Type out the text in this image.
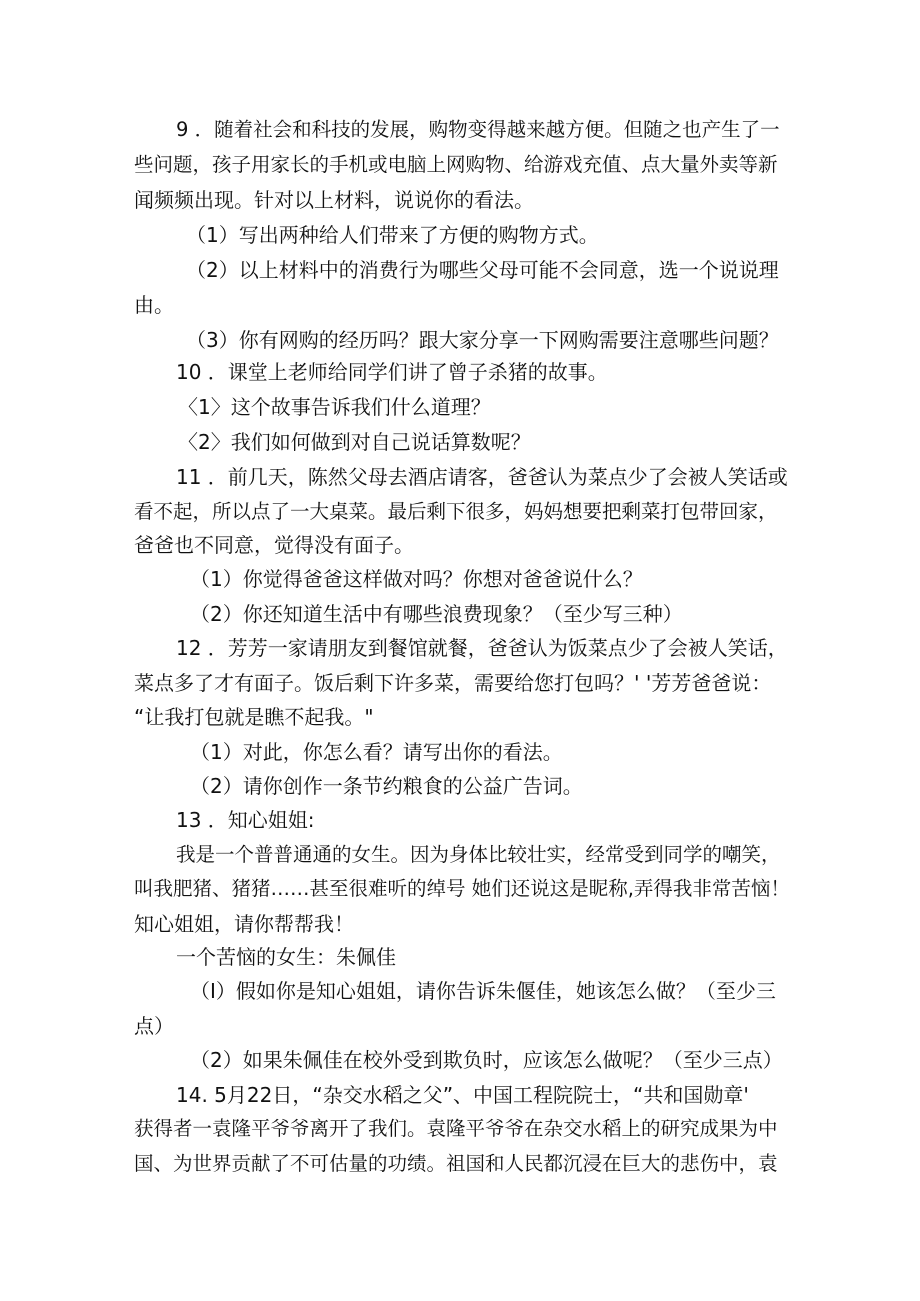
9 ．随着社会和科技的发展，购物变得越来越方便。但随之也产生了一
些问题，孩子用家长的手机或电脑上网购物、给游戏充值、点大量外卖等新
闻频频出现。针对以上材料，说说你的看法。
（1）写出两种给人们带来了方便的购物方式。
（2）以上材料中的消费行为哪些父母可能不会同意，选一个说说理
由。
（3）你有网购的经历吗？跟大家分享一下网购需要注意哪些问题？
10 ．课堂上老师给同学们讲了曾子杀猪的故事。
〈1〉这个故事告诉我们什么道理？
〈2〉我们如何做到对自己说话算数呢？
11 ．前几天，陈然父母去酒店请客，爸爸认为菜点少了会被人笑话或
看不起，所以点了一大桌菜。最后剩下很多，妈妈想要把剩菜打包带回家，
爸爸也不同意，觉得没有面子。
（1）你觉得爸爸这样做对吗？你想对爸爸说什么？
（2）你还知道生活中有哪些浪费现象？（至少写三种）
12 ．芳芳一家请朋友到餐馆就餐，爸爸认为饭菜点少了会被人笑话，
菜点多了才有面子。饭后剩下许多菜，需要给您打包吗？' '芳芳爸爸说：
“让我打包就是瞧不起我。"
（1）对此，你怎么看？请写出你的看法。
（2）请你创作一条节约粮食的公益广告词。
13 ．知心姐姐:
我是一个普普通通的女生。因为身体比较壮实，经常受到同学的嘲笑，
叫我肥猪、猪猪……甚至很难听的绰号 她们还说这是昵称,弄得我非常苦恼！
知心姐姐，请你帮帮我！
一个苦恼的女生：朱佩佳
（I）假如你是知心姐姐，请你告诉朱偃佳，她该怎么做？（至少三
点）
（2）如果朱佩佳在校外受到欺负时，应该怎么做呢？（至少三点）
14. 5月22日，“杂交水稻之父”、中国工程院院士，“共和国勋章'
获得者一袁隆平爷爷离开了我们。袁隆平爷爷在杂交水稻上的研究成果为中
国、为世界贡献了不可估量的功绩。祖国和人民都沉浸在巨大的悲伤中，袁
